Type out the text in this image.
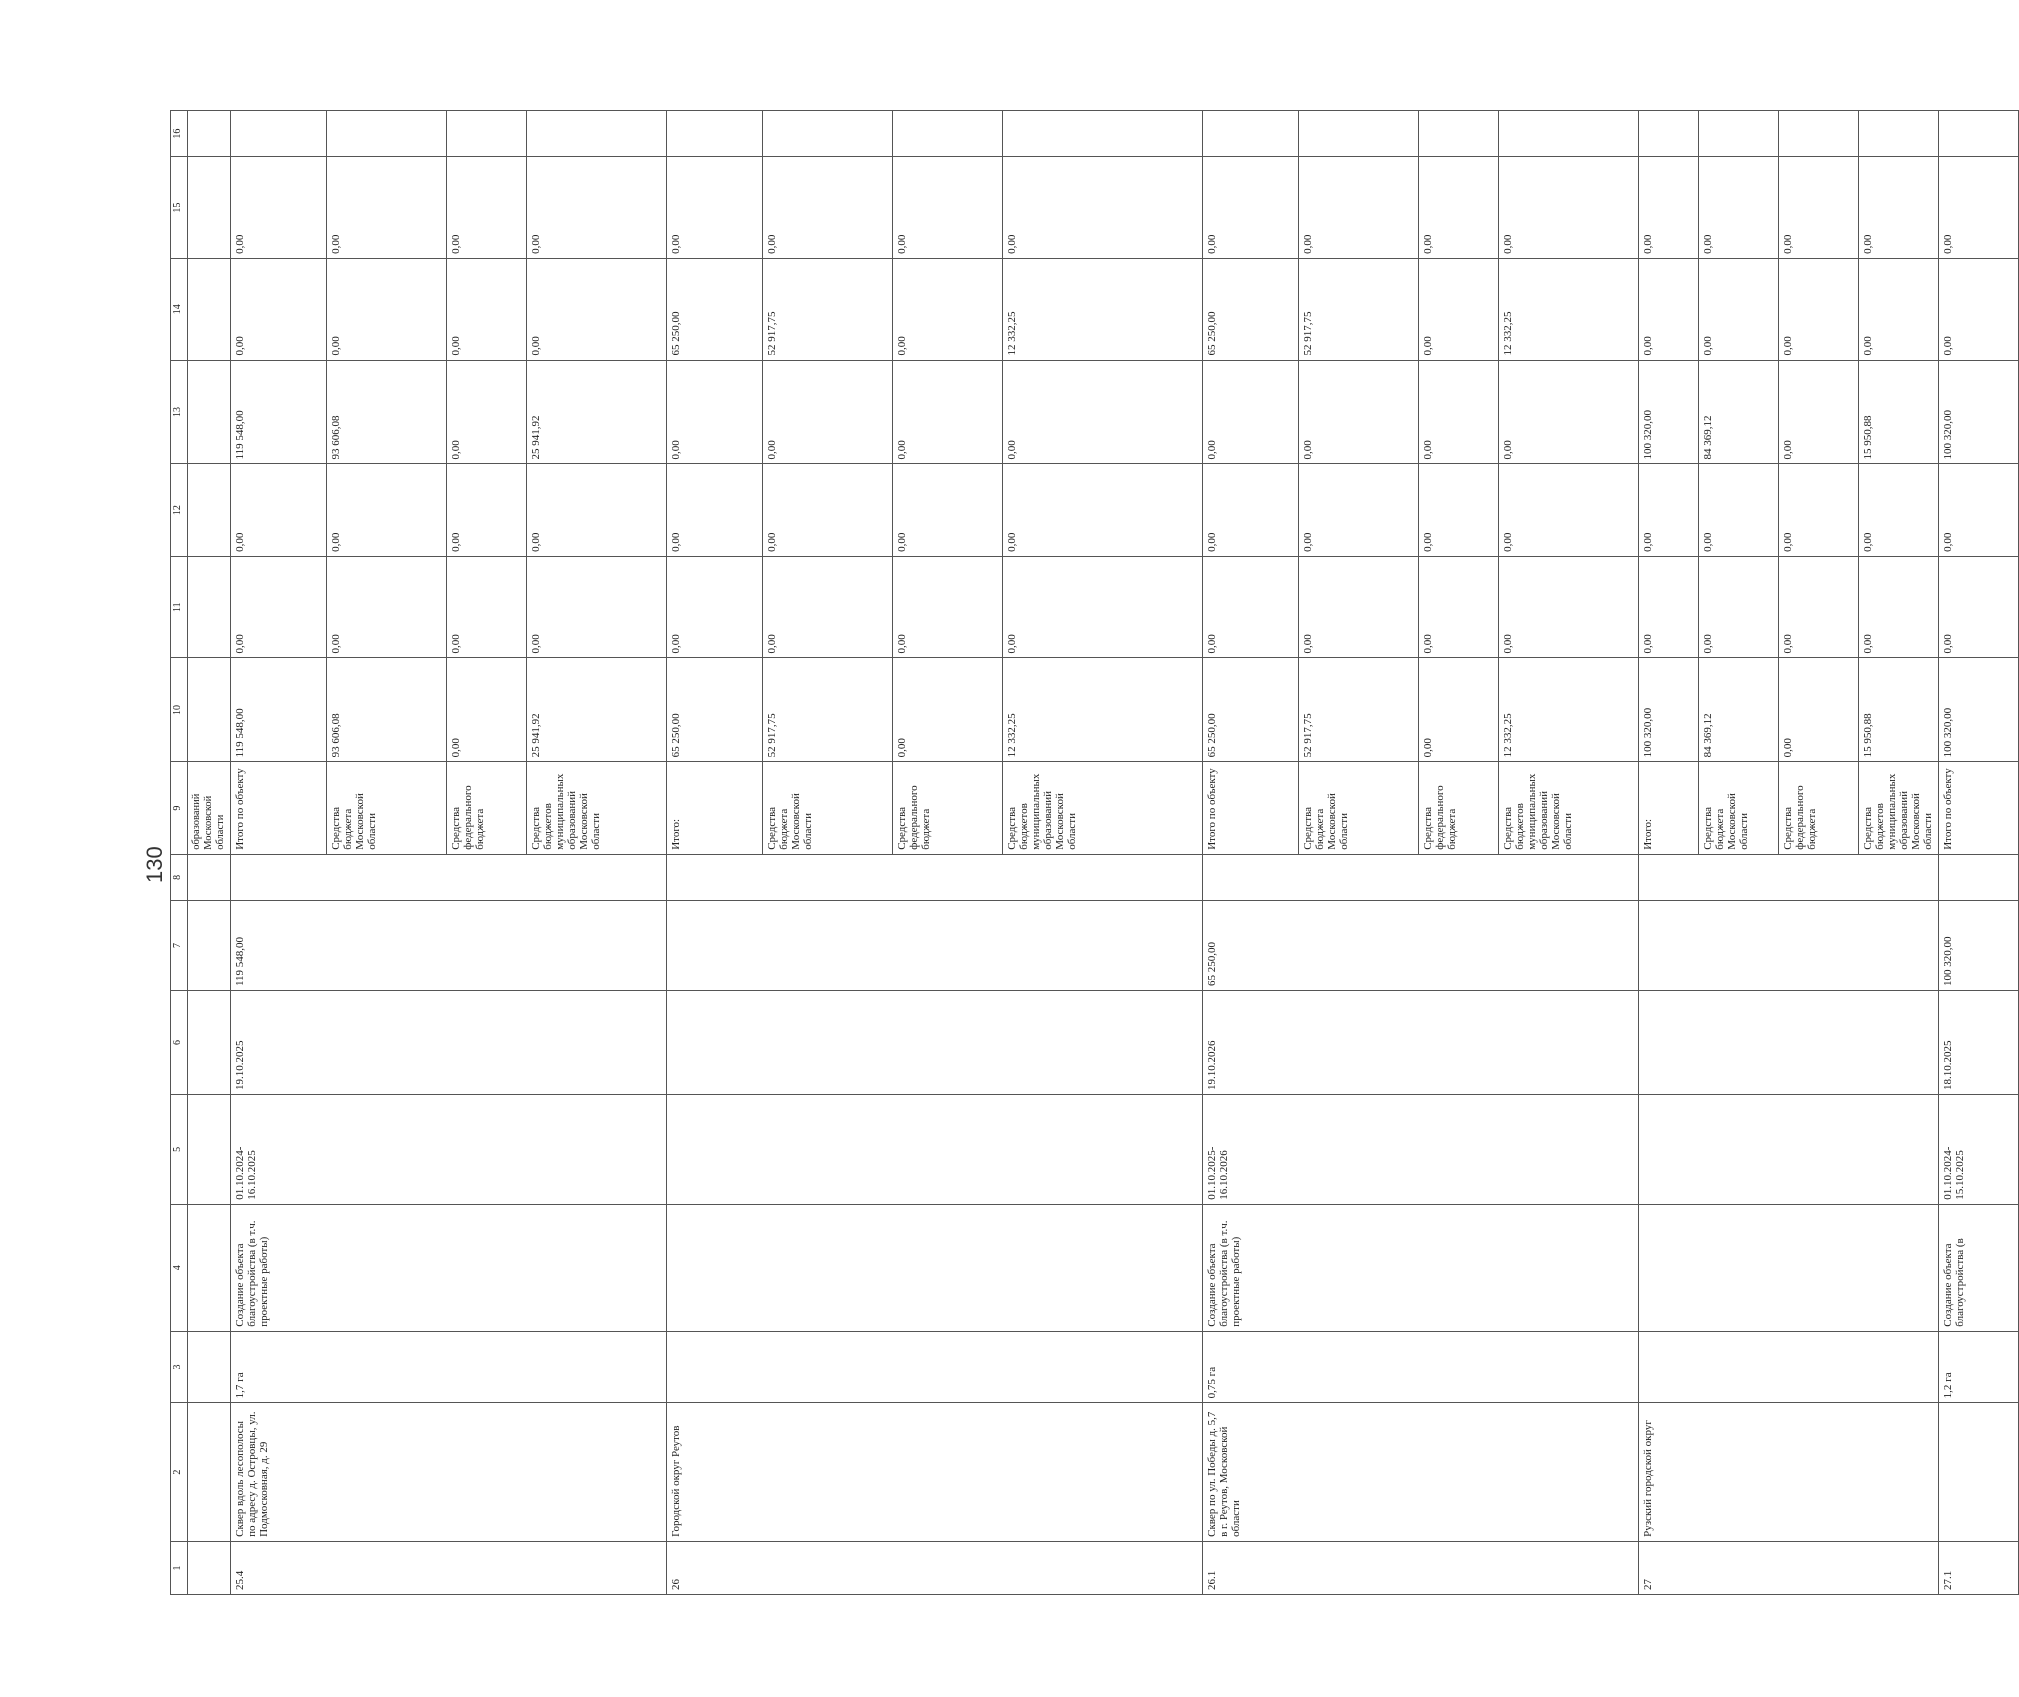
130
1	2	3	4	5	6	7	8	9	10	11	12	13	14	15	16
								образований Московской области							
25.4	Сквер вдоль лесополосы по адресу д. Островцы, ул. Подмосковная, д. 29	1,7 га	Создание объекта благоустройства (в т.ч. проектные работы)	01.10.2024-16.10.2025	19.10.2025	119 548,00		Итого по объекту	119 548,00	0,00	0,00	119 548,00	0,00	0,00	
								Средства бюджета Московской области	93 606,08	0,00	0,00	93 606,08	0,00	0,00	
								Средства федерального бюджета	0,00	0,00	0,00	0,00	0,00	0,00	
								Средства бюджетов муниципальных образований Московской области	25 941,92	0,00	0,00	25 941,92	0,00	0,00	
26	Городской округ Реутов							Итого:	65 250,00	0,00	0,00	0,00	65 250,00	0,00	
								Средства бюджета Московской области	52 917,75	0,00	0,00	0,00	52 917,75	0,00	
								Средства федерального бюджета	0,00	0,00	0,00	0,00	0,00	0,00	
								Средства бюджетов муниципальных образований Московской области	12 332,25	0,00	0,00	0,00	12 332,25	0,00	
26.1	Сквер по ул. Победы д. 5,7 в г. Реутов, Московской области	0,75 га	Создание объекта благоустройства (в т.ч. проектные работы)	01.10.2025-16.10.2026	19.10.2026	65 250,00		Итого по объекту	65 250,00	0,00	0,00	0,00	65 250,00	0,00	
								Средства бюджета Московской области	52 917,75	0,00	0,00	0,00	52 917,75	0,00	
								Средства федерального бюджета	0,00	0,00	0,00	0,00	0,00	0,00	
								Средства бюджетов муниципальных образований Московской области	12 332,25	0,00	0,00	0,00	12 332,25	0,00	
27	Рузский городской округ							Итого:	100 320,00	0,00	0,00	100 320,00	0,00	0,00	
								Средства бюджета Московской области	84 369,12	0,00	0,00	84 369,12	0,00	0,00	
								Средства федерального бюджета	0,00	0,00	0,00	0,00	0,00	0,00	
								Средства бюджетов муниципальных образований Московской области	15 950,88	0,00	0,00	15 950,88	0,00	0,00	
27.1		1,2 га	Создание объекта благоустройства (в	01.10.2024-15.10.2025	18.10.2025	100 320,00		Итого по объекту	100 320,00	0,00	0,00	100 320,00	0,00	0,00	
